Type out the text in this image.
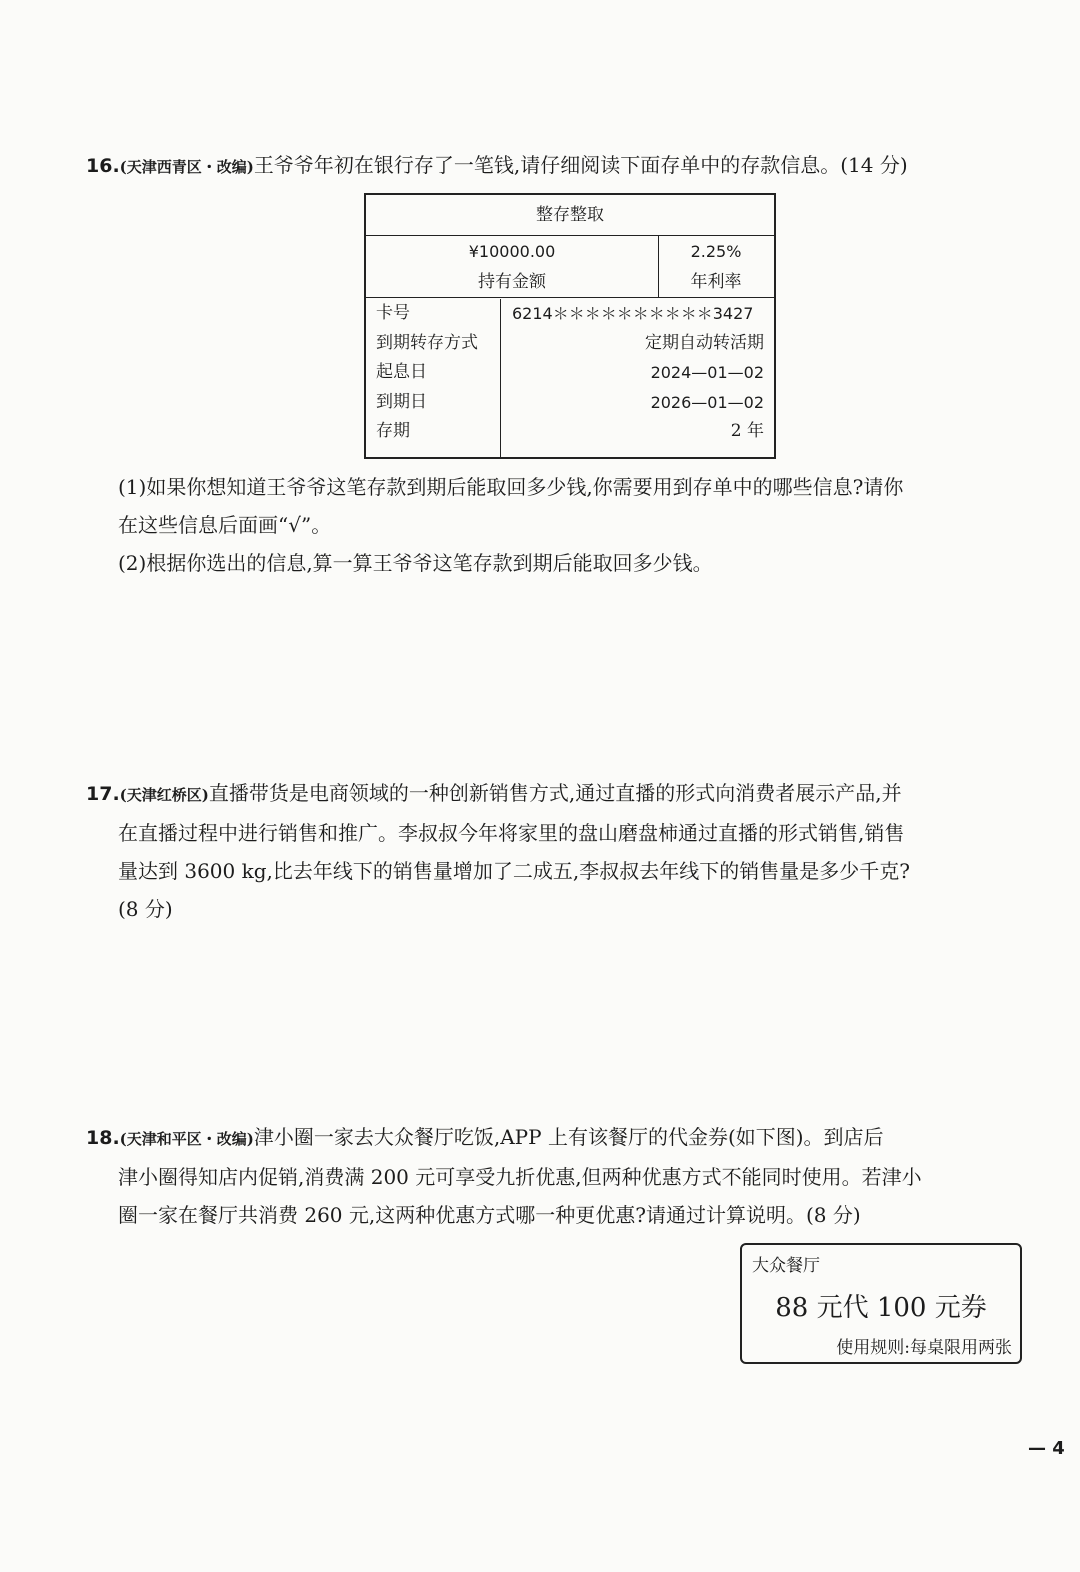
16.(天津西青区・改编)王爷爷年初在银行存了一笔钱,请仔细阅读下面存单中的存款信息。(14 分)
整存整取
¥10000.00
持有金额
2.25%
年利率
卡号
到期转存方式
起息日
到期日
存期
6214＊＊＊＊＊＊＊＊＊＊3427
定期自动转活期
2024—01—02
2026—01—02
2 年
(1)如果你想知道王爷爷这笔存款到期后能取回多少钱,你需要用到存单中的哪些信息?请你
在这些信息后面画“√”。
(2)根据你选出的信息,算一算王爷爷这笔存款到期后能取回多少钱。
17.(天津红桥区)直播带货是电商领域的一种创新销售方式,通过直播的形式向消费者展示产品,并
在直播过程中进行销售和推广。李叔叔今年将家里的盘山磨盘柿通过直播的形式销售,销售
量达到 3600 kg,比去年线下的销售量增加了二成五,李叔叔去年线下的销售量是多少千克?
(8 分)
18.(天津和平区・改编)津小圈一家去大众餐厅吃饭,APP 上有该餐厅的代金券(如下图)。到店后
津小圈得知店内促销,消费满 200 元可享受九折优惠,但两种优惠方式不能同时使用。若津小
圈一家在餐厅共消费 260 元,这两种优惠方式哪一种更优惠?请通过计算说明。(8 分)
大众餐厅
88 元代 100 元券
使用规则:每桌限用两张
— 4
